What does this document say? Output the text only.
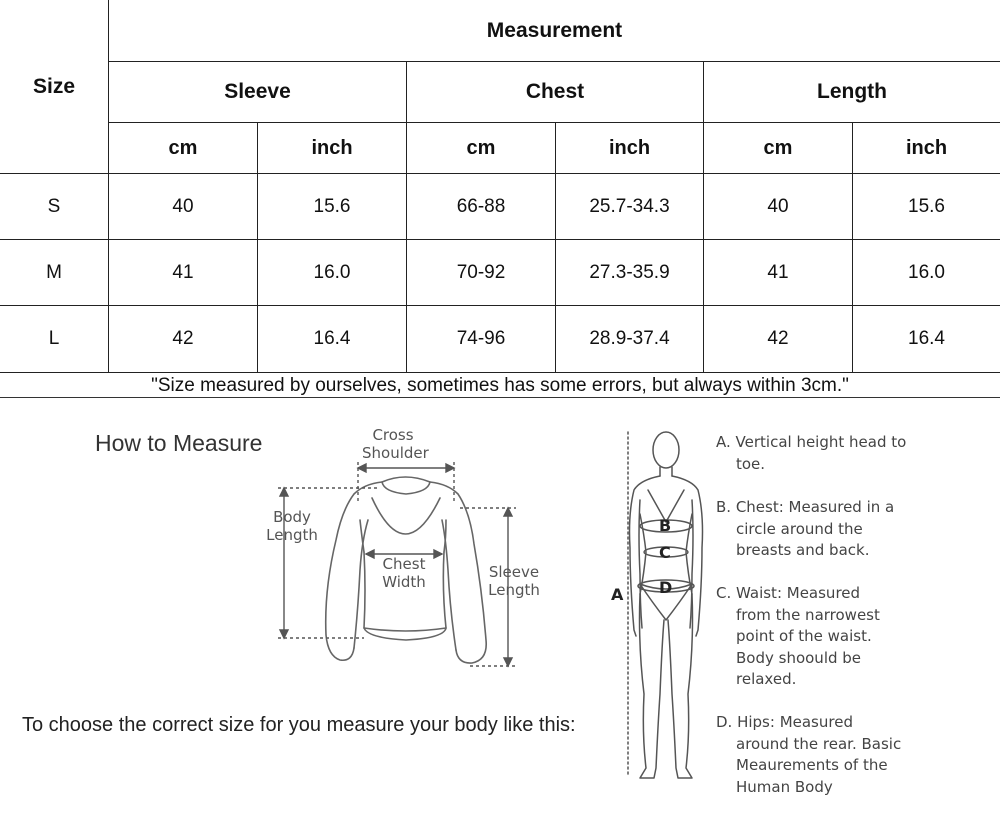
Size
Measurement
Sleeve	Chest	Length
cm	inch	cm	inch	cm	inch
S	40	15.6	66-88	25.7-34.3	40	15.6
M	41	16.0	70-92	27.3-35.9	41	16.0
L	42	16.4	74-96	28.9-37.4	42	16.4
"Size measured by ourselves, sometimes has some errors, but always within 3cm."
How to Measure	Cross
Shoulder
Body
Length
Chest
Width
Sleeve
Length
To choose the correct size for you measure your body like this:
B
C
D
A
A. Vertical height head to toe.
B. Chest: Measured in a circle around the breasts and back.
C. Waist: Measured from the narrowest point of the waist. Body shoould be relaxed.
D. Hips: Measured around the rear. Basic Meaurements of the Human Body
